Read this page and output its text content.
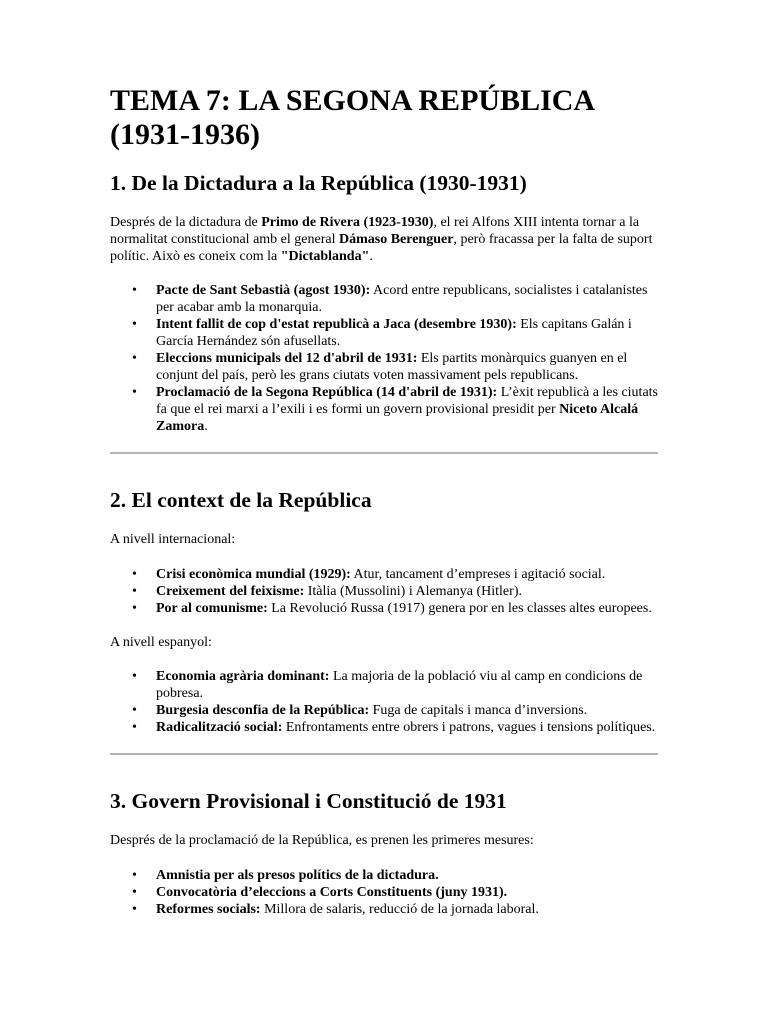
TEMA 7: LA SEGONA REPÚBLICA (1931-1936)
1. De la Dictadura a la República (1930-1931)

Després de la dictadura de Primo de Rivera (1923-1930), el rei Alfons XIII intenta tornar a la normalitat constitucional amb el general Dámaso Berenguer, però fracassa per la falta de suport polític. Això es coneix com la "Dictablanda".

•	Pacte de Sant Sebastià (agost 1930): Acord entre republicans, socialistes i catalanistes per acabar amb la monarquia.
•	Intent fallit de cop d'estat republicà a Jaca (desembre 1930): Els capitans Galán i García Hernández són afusellats.
•	Eleccions municipals del 12 d'abril de 1931: Els partits monàrquics guanyen en el conjunt del país, però les grans ciutats voten massivament pels republicans.
•	Proclamació de la Segona República (14 d'abril de 1931): L’èxit republicà a les ciutats fa que el rei marxi a l’exili i es formi un govern provisional presidit per Niceto Alcalá Zamora.
2. El context de la República

A nivell internacional:

•	Crisi econòmica mundial (1929): Atur, tancament d’empreses i agitació social.
•	Creixement del feixisme: Itàlia (Mussolini) i Alemanya (Hitler).
•	Por al comunisme: La Revolució Russa (1917) genera por en les classes altes europees.

A nivell espanyol:

•	Economia agrària dominant: La majoria de la població viu al camp en condicions de pobresa.
•	Burgesia desconfia de la República: Fuga de capitals i manca d’inversions.
•	Radicalització social: Enfrontaments entre obrers i patrons, vagues i tensions polítiques.
3. Govern Provisional i Constitució de 1931

Després de la proclamació de la República, es prenen les primeres mesures:

•	Amnistia per als presos polítics de la dictadura.
•	Convocatòria d’eleccions a Corts Constituents (juny 1931).
•	Reformes socials: Millora de salaris, reducció de la jornada laboral.
